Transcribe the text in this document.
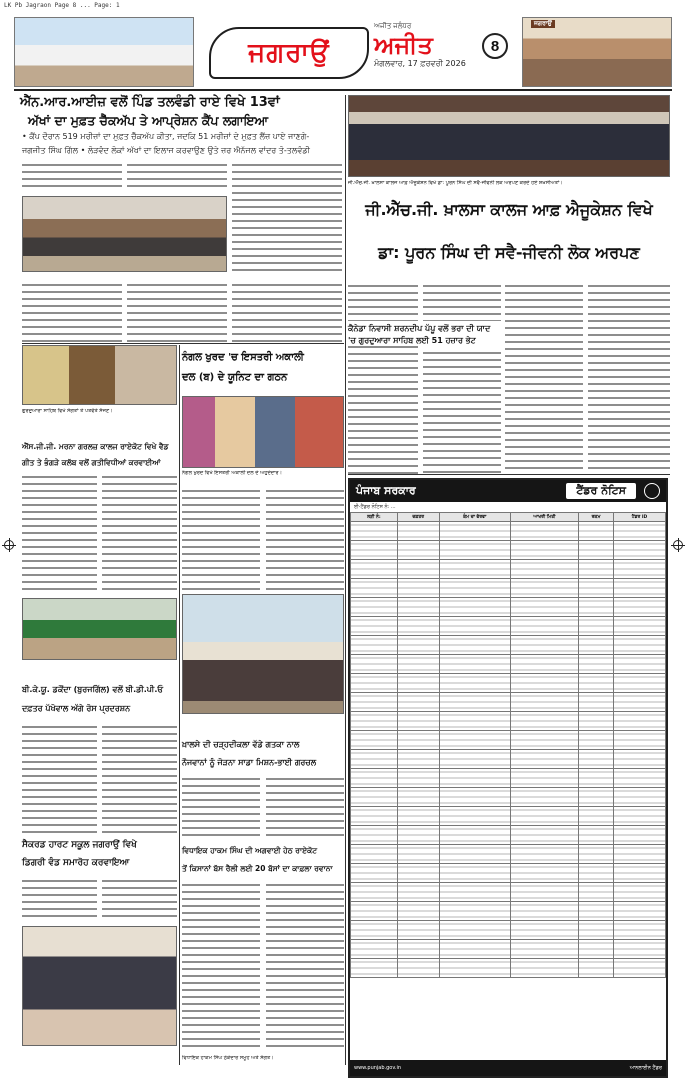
LK Pb Jagraon Page 8 ... Page: 1
ਜਗਰਾਉਂ
ਅਜੀਤ ਜਲੰਧਰ
ਅਜੀਤ
ਮੰਗਲਵਾਰ, 17 ਫ਼ਰਵਰੀ 2026
8
ਜਗਰਾਉਂ
ਐੱਨ.ਆਰ.ਆਈਜ਼ ਵਲੋਂ ਪਿੰਡ ਤਲਵੰਡੀ ਰਾਏ ਵਿਖੇ 13ਵਾਂ
ਅੱਖਾਂ ਦਾ ਮੁਫ਼ਤ ਚੈੱਕਅੱਪ ਤੇ ਆਪ੍ਰੇਸ਼ਨ ਕੈਂਪ ਲਗਾਇਆ
• ਕੈਂਪ ਦੌਰਾਨ 519 ਮਰੀਜ਼ਾਂ ਦਾ ਮੁਫ਼ਤ ਚੈੱਕਅੱਪ ਕੀਤਾ, ਜਦਕਿ 51 ਮਰੀਜ਼ਾਂ ਦੇ ਮੁਫ਼ਤ ਲੈਂਜ਼ ਪਾਏ ਜਾਣਗੇ-
ਜਗਜੀਤ ਸਿੰਘ ਗਿੱਲ • ਲੋੜਵੰਦ ਲੋਕਾਂ ਅੱਖਾਂ ਦਾ ਇਲਾਜ ਕਰਵਾਉਣ ਉਤੇ ਜ਼ਰ ਐਨੱਜਲ ਵਾਂਦਰ ਤੋ-ਤਲਵੰਡੀ
ਜੀ.ਐੱਚ.ਜੀ. ਖ਼ਾਲਸਾ ਕਾਲਜ ਆਫ਼ ਐਜੂਕੇਸ਼ਨ ਵਿਖੇ ਡਾ: ਪੂਰਨ ਸਿੰਘ ਦੀ ਸਵੈ-ਜੀਵਨੀ ਲੋਕ ਅਰਪਣ ਕਰਦੇ ਹੋਏ ਸ਼ਖ਼ਸੀਅਤਾਂ।
ਜੀ.ਐੱਚ.ਜੀ. ਖ਼ਾਲਸਾ ਕਾਲਜ ਆਫ਼ ਐਜੂਕੇਸ਼ਨ ਵਿਖੇ
ਡਾ: ਪੂਰਨ ਸਿੰਘ ਦੀ ਸਵੈ-ਜੀਵਨੀ ਲੋਕ ਅਰਪਣ
ਕੈਨੇਡਾ ਨਿਵਾਸੀ ਸ਼ਰਨਦੀਪ ਪੱਪੂ ਵਲੋਂ ਭਰਾ ਦੀ ਯਾਦ
'ਚ ਗੁਰਦੁਆਰਾ ਸਾਹਿਬ ਲਈ 51 ਹਜ਼ਾਰ ਭੇਟ
ਗੁਰਦੁਆਰਾ ਸਾਹਿਬ ਵਿਖੇ ਸੰਗਤਾਂ ਤੇ ਪਤਵੰਤੇ ਸੱਜਣ।
ਐੱਸ.ਜੀ.ਜੀ. ਮਰਨਾ ਗਰਲਜ਼ ਕਾਲਜ ਰਾਏਕੋਟ ਵਿਖੇ ਵੈਡ
ਗੀਤ ਤੇ ਭੰਗੜੇ ਕਲੱਬ ਵਲੋਂ ਗਤੀਵਿਧੀਆਂ ਕਰਵਾਈਆਂ
ਬੀ.ਕੇ.ਯੂ. ਡਕੌਂਦਾ (ਬੁਰਜਗਿੱਲ) ਵਲੋਂ ਬੀ.ਡੀ.ਪੀ.ਓ
ਦਫ਼ਤਰ ਪੱਖੋਵਾਲ ਅੱਗੇ ਰੋਸ ਪ੍ਰਦਰਸ਼ਨ
ਸੈਕਰਡ ਹਾਰਟ ਸਕੂਲ ਜਗਰਾਉਂ ਵਿਖੇ
ਡਿਗਰੀ ਵੰਡ ਸਮਾਰੋਹ ਕਰਵਾਇਆ
ਨੰਗਲ ਖੁਰਦ 'ਚ ਇਸਤਰੀ ਅਕਾਲੀ
ਦਲ (ਬ) ਦੇ ਯੂਨਿਟ ਦਾ ਗਠਨ
ਨੰਗਲ ਖੁਰਦ ਵਿਖੇ ਇਸਤਰੀ ਅਕਾਲੀ ਦਲ ਦੇ ਅਹੁਦੇਦਾਰ।
ਖ਼ਾਲਸੇ ਦੀ ਚੜ੍ਹਦੀਕਲਾ ਵੱਡੇ ਗਤਕਾ ਨਾਲ
ਨੌਜਵਾਨਾਂ ਨੂੰ ਜੋੜਨਾ ਸਾਡਾ ਮਿਸ਼ਨ-ਭਾਈ ਗਰਚਲ
ਵਿਧਾਇਕ ਹਾਕਮ ਸਿੰਘ ਦੀ ਅਗਵਾਈ ਹੇਠ ਰਾਏਕੋਟ
ਤੋਂ ਕਿਸਾਨਾਂ ਬੱਸ ਰੈਲੀ ਲਈ 20 ਬੱਸਾਂ ਦਾ ਕਾਫ਼ਲਾ ਰਵਾਨਾ
ਵਿਧਾਇਕ ਹਾਕਮ ਸਿੰਘ ਠੇਕੇਦਾਰ ਸਮੂਹ ਅਤੇ ਸੰਗਤ।
ਪੰਜਾਬ ਸਰਕਾਰ	ਟੈਂਡਰ ਨੋਟਿਸ
ਈ-ਟੈਂਡਰ ਨੋਟਿਸ ਨੰ: ...
ਲੜੀ ਨੰ:	ਦਫ਼ਤਰ	ਕੰਮ ਦਾ ਵੇਰਵਾ	ਆਖਰੀ ਮਿਤੀ	ਰਕਮ	ਟੈਂਡਰ ID

www.punjab.gov.in	ਆਨਲਾਈਨ ਟੈਂਡਰ
